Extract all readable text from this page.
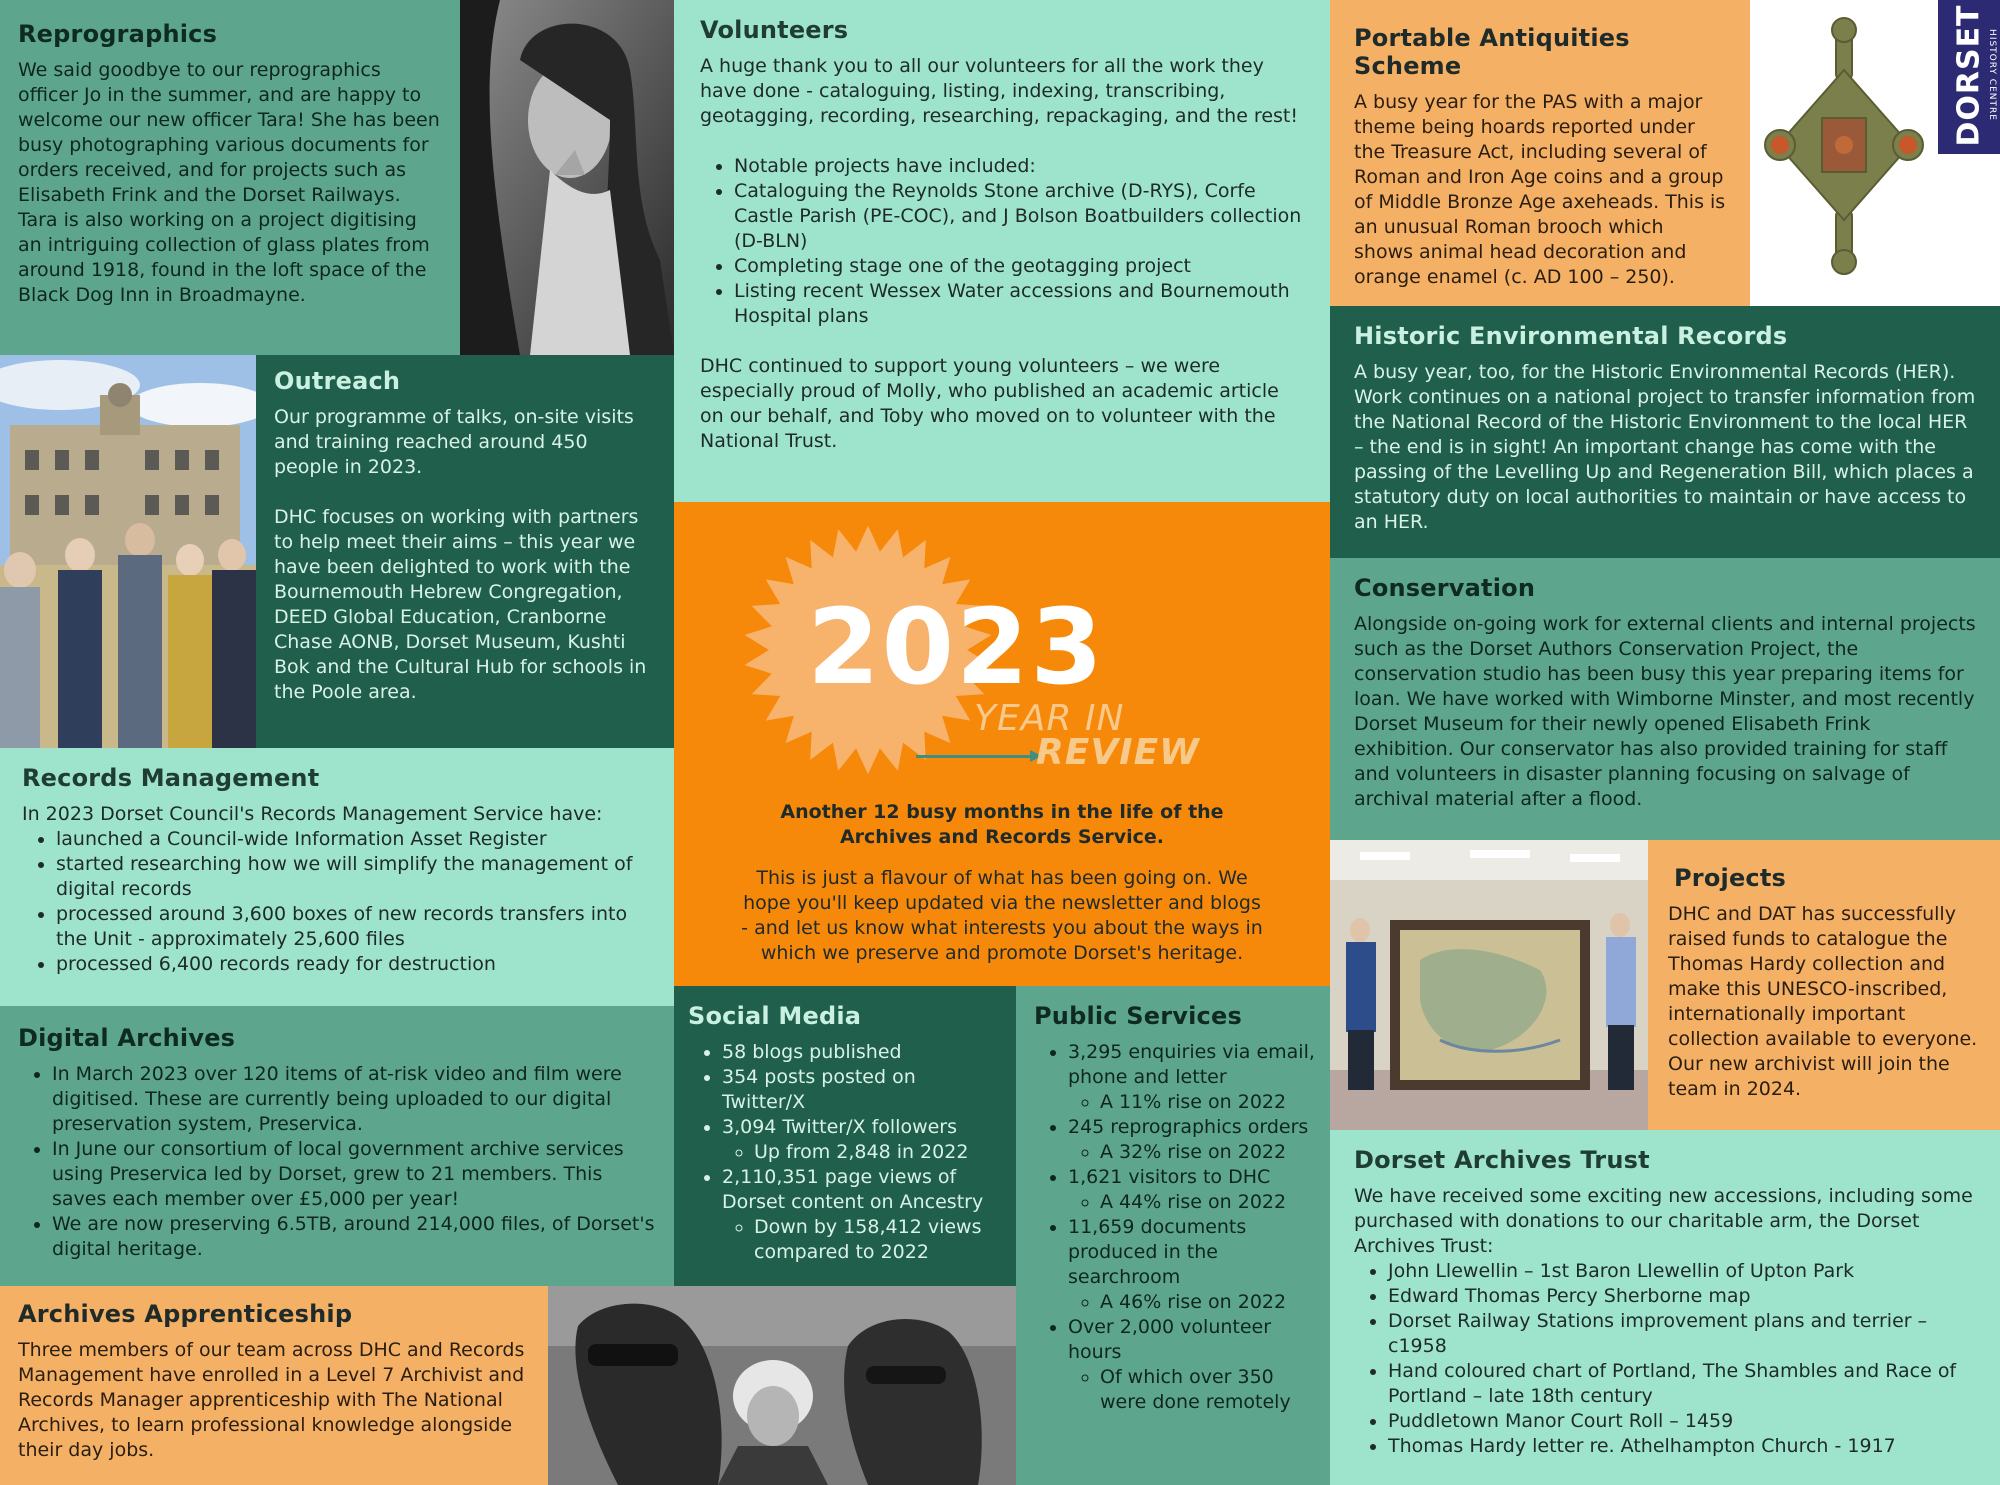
Reprographics

We said goodbye to our reprographics officer Jo in the summer, and are happy to welcome our new officer Tara! She has been busy photographing various documents for orders received, and for projects such as Elisabeth Frink and the Dorset Railways. Tara is also working on a project digitising an intriguing collection of glass plates from around 1918, found in the loft space of the Black Dog Inn in Broadmayne.

Volunteers

A huge thank you to all our volunteers for all the work they have done - cataloguing, listing, indexing, transcribing, geotagging, recording, researching, repackaging, and the rest!

• Notable projects have included:
• Cataloguing the Reynolds Stone archive (D-RYS), Corfe Castle Parish (PE-COC), and J Bolson Boatbuilders collection (D-BLN)
• Completing stage one of the geotagging project
• Listing recent Wessex Water accessions and Bournemouth Hospital plans

DHC continued to support young volunteers – we were especially proud of Molly, who published an academic article on our behalf, and Toby who moved on to volunteer with the National Trust.

Portable Antiquities Scheme

A busy year for the PAS with a major theme being hoards reported under the Treasure Act, including several of Roman and Iron Age coins and a group of Middle Bronze Age axeheads. This is an unusual Roman brooch which shows animal head decoration and orange enamel (c. AD 100 – 250).

DORSET HISTORY CENTRE
Outreach

Our programme of talks, on-site visits and training reached around 450 people in 2023.

DHC focuses on working with partners to help meet their aims – this year we have been delighted to work with the Bournemouth Hebrew Congregation, DEED Global Education, Cranborne Chase AONB, Dorset Museum, Kushti Bok and the Cultural Hub for schools in the Poole area.

Historic Environmental Records

A busy year, too, for the Historic Environmental Records (HER). Work continues on a national project to transfer information from the National Record of the Historic Environment to the local HER – the end is in sight! An important change has come with the passing of the Levelling Up and Regeneration Bill, which places a statutory duty on local authorities to maintain or have access to an HER.

2023
YEAR IN
REVIEW
Another 12 busy months in the life of the Archives and Records Service.
This is just a flavour of what has been going on. We hope you'll keep updated via the newsletter and blogs - and let us know what interests you about the ways in which we preserve and promote Dorset's heritage.
Conservation

Alongside on-going work for external clients and internal projects such as the Dorset Authors Conservation Project, the conservation studio has been busy this year preparing items for loan. We have worked with Wimborne Minster, and most recently Dorset Museum for their newly opened Elisabeth Frink exhibition. Our conservator has also provided training for staff and volunteers in disaster planning focusing on salvage of archival material after a flood.

Records Management

In 2023 Dorset Council's Records Management Service have:

• launched a Council-wide Information Asset Register
• started researching how we will simplify the management of digital records
• processed around 3,600 boxes of new records transfers into the Unit - approximately 25,600 files
• processed 6,400 records ready for destruction
Projects

DHC and DAT has successfully raised funds to catalogue the Thomas Hardy collection and make this UNESCO-inscribed, internationally important collection available to everyone. Our new archivist will join the team in 2024.

Digital Archives
• In March 2023 over 120 items of at-risk video and film were digitised. These are currently being uploaded to our digital preservation system, Preservica.
• In June our consortium of local government archive services using Preservica led by Dorset, grew to 21 members. This saves each member over £5,000 per year!
• We are now preserving 6.5TB, around 214,000 files, of Dorset's digital heritage.
Social Media
• 58 blogs published
• 354 posts posted on Twitter/X
• 3,094 Twitter/X followers
◦ Up from 2,848 in 2022
• 2,110,351 page views of Dorset content on Ancestry
◦ Down by 158,412 views compared to 2022
Public Services
• 3,295 enquiries via email, phone and letter
◦ A 11% rise on 2022
• 245 reprographics orders
◦ A 32% rise on 2022
• 1,621 visitors to DHC
◦ A 44% rise on 2022
• 11,659 documents produced in the searchroom
◦ A 46% rise on 2022
• Over 2,000 volunteer hours
◦ Of which over 350 were done remotely
Dorset Archives Trust

We have received some exciting new accessions, including some purchased with donations to our charitable arm, the Dorset Archives Trust:

• John Llewellin – 1st Baron Llewellin of Upton Park
• Edward Thomas Percy Sherborne map
• Dorset Railway Stations improvement plans and terrier – c1958
• Hand coloured chart of Portland, The Shambles and Race of Portland – late 18th century
• Puddletown Manor Court Roll – 1459
• Thomas Hardy letter re. Athelhampton Church - 1917
Archives Apprenticeship

Three members of our team across DHC and Records Management have enrolled in a Level 7 Archivist and Records Manager apprenticeship with The National Archives, to learn professional knowledge alongside their day jobs.
